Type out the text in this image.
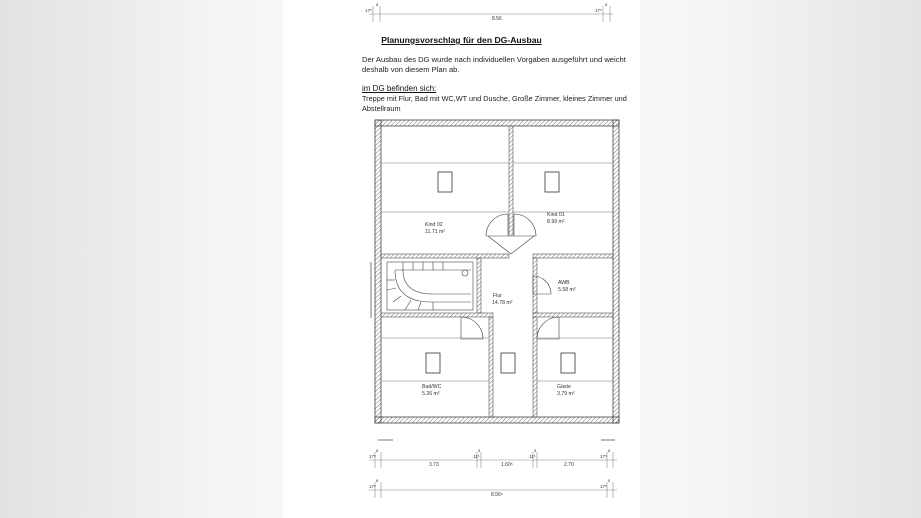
Planungsvorschlag für den DG-Ausbau
Der Ausbau des DG wurde nach individuellen Vorgaben ausgeführt und weicht deshalb von diesem Plan ab.
im DG befinden sich:
Treppe mit Flur, Bad mit WC,WT und Dusche, Große Zimmer, kleines Zimmer und Abstellraum
8.56
17⁵
8
17⁵
8
Kind 02
11.71 m²
Kind 01
8.99 m²
Flur
14.78 m²
AWB
5.58 m²
Bad/WC
5.26 m²
Gäste
3.79 m²
17⁵
3.73
11⁵
1.60⁵
11⁵
2.70
17⁵
8	5	5	8
8.56⁵
17⁵	17⁵
8	5
